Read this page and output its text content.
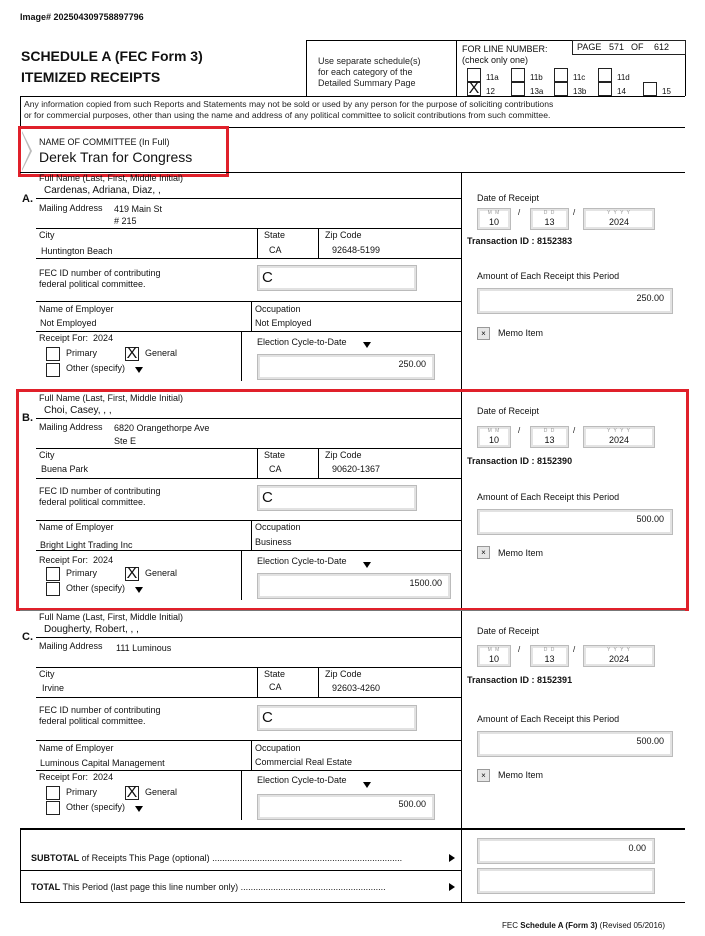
Image# 202504309758897796
SCHEDULE A (FEC Form 3)
ITEMIZED RECEIPTS
Use separate schedule(s)
for each category of the
Detailed Summary Page
FOR LINE NUMBER:
(check only one)
PAGE 571 OF 612
11a	11b	11c	11d
X 12	13a	13b	14	15
Any information copied from such Reports and Statements may not be sold or used by any person for the purpose of soliciting contributions
or for commercial purposes, other than using the name and address of any political committee to solicit contributions from such committee.
NAME OF COMMITTEE (In Full)
Derek Tran for Congress
A.
Full Name (Last, First, Middle Initial)
Cardenas, Adriana, Diaz, ,
Mailing Address 419 Main St
# 215
City
Huntington Beach
State
CA
Zip Code
92648-5199
FEC ID number of contributing
federal political committee.	C
Name of Employer
Not Employed
Occupation
Not Employed
Receipt For: 2024
Primary X General
Other (specify)
Election Cycle-to-Date
250.00
Date of Receipt
M M
10
/	D D
13
/	Y Y Y Y
2024
Transaction ID : 8152383
Amount of Each Receipt this Period
250.00
×	Memo Item
B.
Full Name (Last, First, Middle Initial)
Choi, Casey, , ,
Mailing Address 6820 Orangethorpe Ave
Ste E
City
Buena Park
State
CA
Zip Code
90620-1367
FEC ID number of contributing
federal political committee.	C
Name of Employer
Bright Light Trading Inc
Occupation
Business
Receipt For: 2024
Primary X General
Other (specify)
Election Cycle-to-Date
1500.00
Date of Receipt
M M
10
/	D D
13
/	Y Y Y Y
2024
Transaction ID : 8152390
Amount of Each Receipt this Period
500.00
×	Memo Item
C.
Full Name (Last, First, Middle Initial)
Dougherty, Robert, , ,
Mailing Address 111 Luminous
City
Irvine
State
CA
Zip Code
92603-4260
FEC ID number of contributing
federal political committee.	C
Name of Employer
Luminous Capital Management
Occupation
Commercial Real Estate
Receipt For: 2024
Primary X General
Other (specify)
Election Cycle-to-Date
500.00
Date of Receipt
M M
10
/	D D
13
/	Y Y Y Y
2024
Transaction ID : 8152391
Amount of Each Receipt this Period
500.00
×	Memo Item
SUBTOTAL of Receipts This Page (optional) ............................................................................
0.00
TOTAL This Period (last page this line number only) ..........................................................
FEC Schedule A (Form 3) (Revised 05/2016)
